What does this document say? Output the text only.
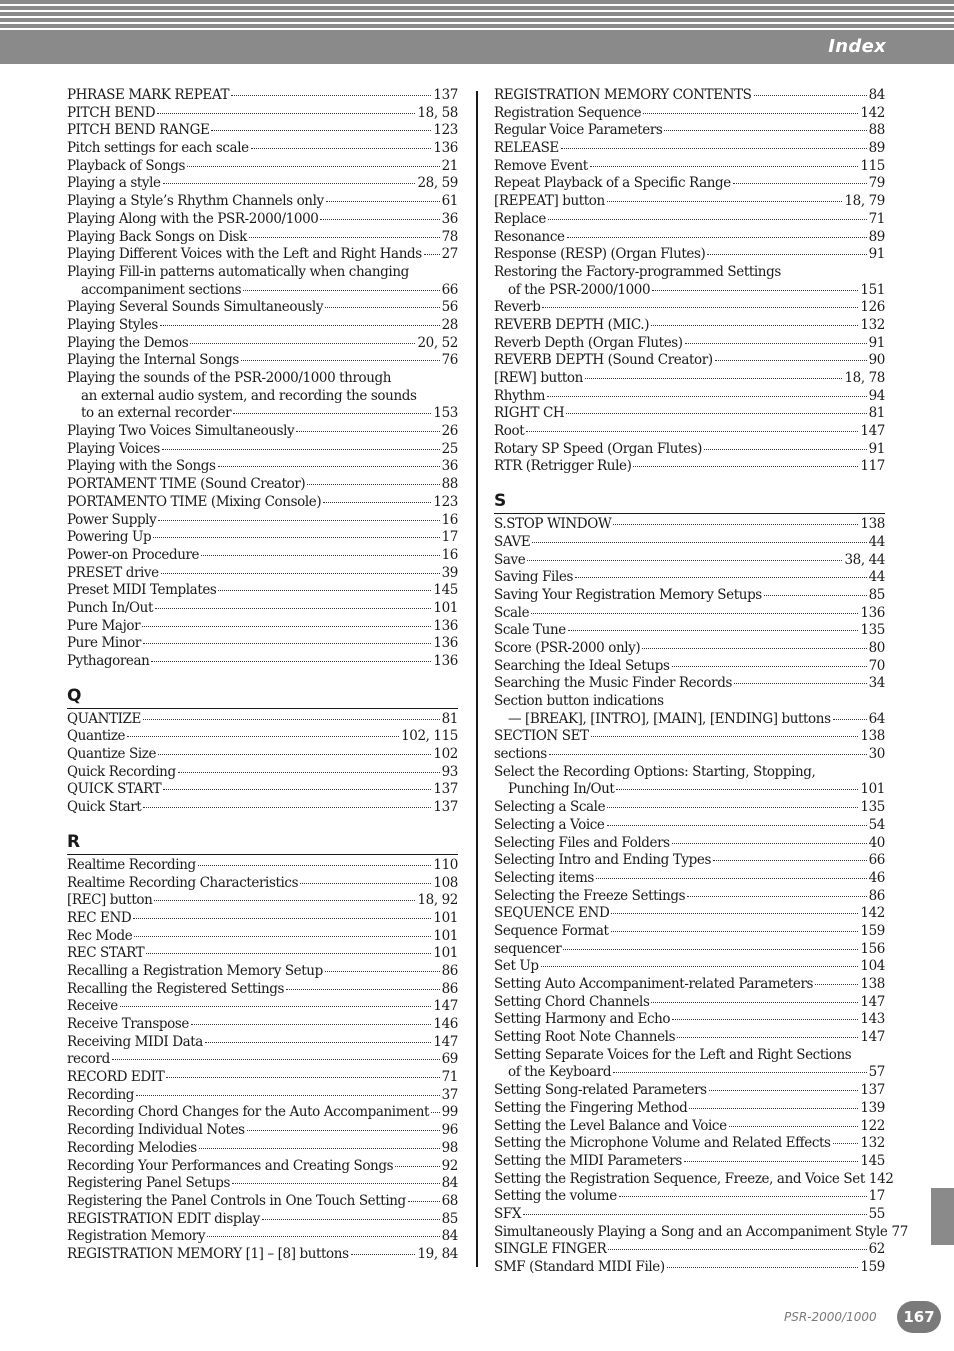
Index
PHRASE MARK REPEAT	137
PITCH BEND	18, 58
PITCH BEND RANGE	123
Pitch settings for each scale	136
Playback of Songs	21
Playing a style	28, 59
Playing a Style’s Rhythm Channels only	61
Playing Along with the PSR-2000/1000	36
Playing Back Songs on Disk	78
Playing Different Voices with the Left and Right Hands 27
Playing Fill-in patterns automatically when changing
accompaniment sections	66
Playing Several Sounds Simultaneously	56
Playing Styles	28
Playing the Demos	20, 52
Playing the Internal Songs	76
Playing the sounds of the PSR-2000/1000 through
an external audio system, and recording the sounds
to an external recorder	153
Playing Two Voices Simultaneously	26
Playing Voices	25
Playing with the Songs	36
PORTAMENT TIME (Sound Creator)	88
PORTAMENTO TIME (Mixing Console)	123
Power Supply	16
Powering Up	17
Power-on Procedure	16
PRESET drive	39
Preset MIDI Templates	145
Punch In/Out	101
Pure Major	136
Pure Minor	136
Pythagorean	136
Q
QUANTIZE	81
Quantize	102, 115
Quantize Size	102
Quick Recording	93
QUICK START	137
Quick Start	137
R
Realtime Recording	110
Realtime Recording Characteristics	108
[REC] button	18, 92
REC END	101
Rec Mode	101
REC START	101
Recalling a Registration Memory Setup	86
Recalling the Registered Settings	86
Receive	147
Receive Transpose	146
Receiving MIDI Data	147
record	69
RECORD EDIT	71
Recording	37
Recording Chord Changes for the Auto Accompaniment 99
Recording Individual Notes	96
Recording Melodies	98
Recording Your Performances and Creating Songs	92
Registering Panel Setups	84
Registering the Panel Controls in One Touch Setting	68
REGISTRATION EDIT display	85
Registration Memory	84
REGISTRATION MEMORY [1] – [8] buttons	19, 84
REGISTRATION MEMORY CONTENTS	84
Registration Sequence	142
Regular Voice Parameters	88
RELEASE	89
Remove Event	115
Repeat Playback of a Specific Range	79
[REPEAT] button	18, 79
Replace	71
Resonance	89
Response (RESP) (Organ Flutes)	91
Restoring the Factory-programmed Settings
of the PSR-2000/1000	151
Reverb	126
REVERB DEPTH (MIC.)	132
Reverb Depth (Organ Flutes)	91
REVERB DEPTH (Sound Creator)	90
[REW] button	18, 78
Rhythm	94
RIGHT CH	81
Root	147
Rotary SP Speed (Organ Flutes)	91
RTR (Retrigger Rule)	117
S
S.STOP WINDOW	138
SAVE	44
Save	38, 44
Saving Files	44
Saving Your Registration Memory Setups	85
Scale	136
Scale Tune	135
Score (PSR-2000 only)	80
Searching the Ideal Setups	70
Searching the Music Finder Records	34
Section button indications
— [BREAK], [INTRO], [MAIN], [ENDING] buttons	64
SECTION SET	138
sections	30
Select the Recording Options: Starting, Stopping,
Punching In/Out	101
Selecting a Scale	135
Selecting a Voice	54
Selecting Files and Folders	40
Selecting Intro and Ending Types	66
Selecting items	46
Selecting the Freeze Settings	86
SEQUENCE END	142
Sequence Format	159
sequencer	156
Set Up	104
Setting Auto Accompaniment-related Parameters	138
Setting Chord Channels	147
Setting Harmony and Echo	143
Setting Root Note Channels	147
Setting Separate Voices for the Left and Right Sections
of the Keyboard	57
Setting Song-related Parameters	137
Setting the Fingering Method	139
Setting the Level Balance and Voice	122
Setting the Microphone Volume and Related Effects 132
Setting the MIDI Parameters	145
Setting the Registration Sequence, Freeze, and Voice Set 142
Setting the volume	17
SFX	55
Simultaneously Playing a Song and an Accompaniment Style 77
SINGLE FINGER	62
SMF (Standard MIDI File)	159
PSR-2000/1000	167
